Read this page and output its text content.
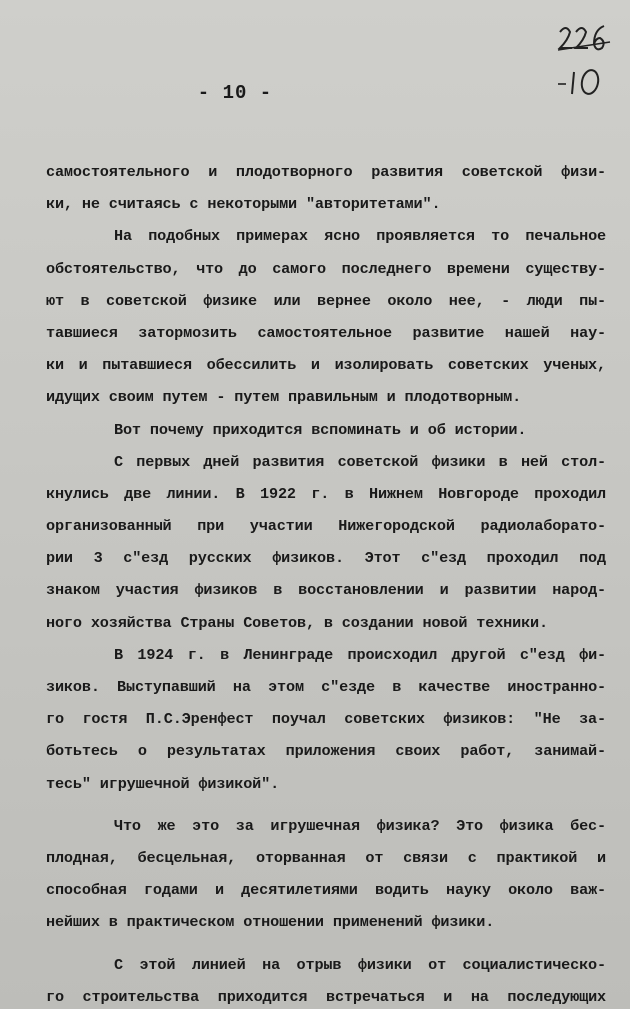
- 10 -
самостоятельного и плодотворного развития советской физи-
ки, не считаясь с некоторыми "авторитетами".
На подобных примерах ясно проявляется то печальное
обстоятельство, что до самого последнего времени существу-
ют в советской физике или вернее около нее, - люди пы-
тавшиеся затормозить самостоятельное развитие нашей нау-
ки и пытавшиеся обессилить и изолировать советских ученых,
идущих своим путем - путем правильным и плодотворным.
Вот почему приходится вспоминать и об истории.
С первых дней развития советской физики в ней стол-
кнулись две линии. В 1922 г. в Нижнем Новгороде проходил
организованный при участии Нижегородской радиолаборато-
рии 3 с"езд русских физиков. Этот с"езд проходил под
знаком участия физиков в восстановлении и развитии народ-
ного хозяйства Страны Советов, в создании новой техники.
В 1924 г. в Ленинграде происходил другой с"езд фи-
зиков. Выступавший на этом с"езде в качестве иностранно-
го гостя П.С.Эренфест поучал советских физиков: "Не за-
ботьтесь о результатах приложения своих работ, занимай-
тесь" игрушечной физикой".
Что же это за игрушечная физика? Это физика бес-
плодная, бесцельная, оторванная от связи с практикой и
способная годами и десятилетиями водить науку около важ-
нейших в практическом отношении применений физики.
С этой линией на отрыв физики от социалистическо-
го строительства приходится встречаться и на последующих
